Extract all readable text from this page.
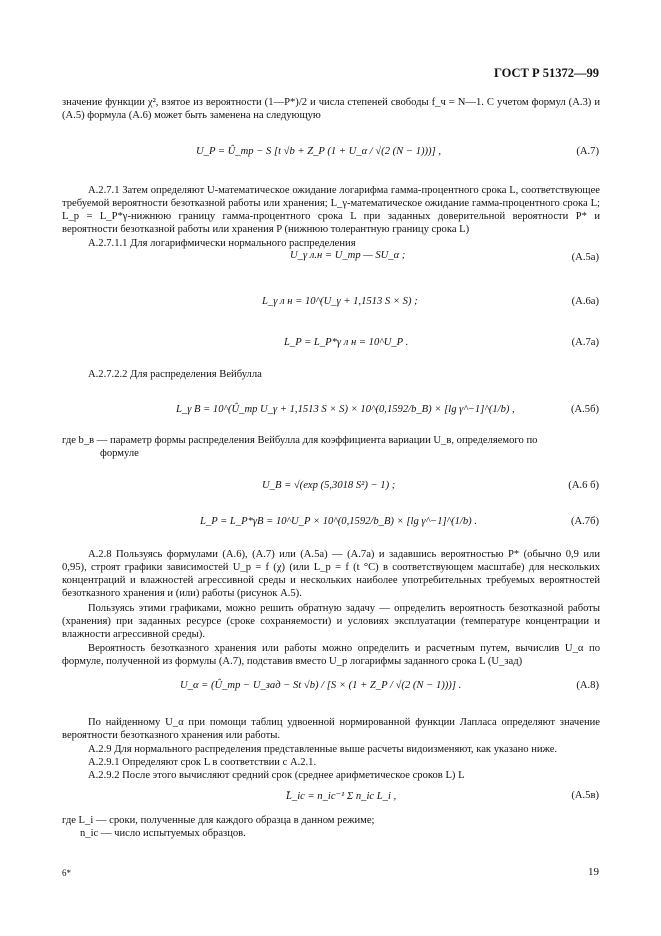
ГОСТ Р 51372—99
значение функции χ², взятое из вероятности (1—P*)/2 и числа степеней свободы f_ч = N—1. С учетом формул (А.3) и (А.5) формула (А.6) может быть заменена на следующую
U_P = Û_тр − S [t √b + Z_P (1 + U_α / √(2 (N − 1)))] ,	(А.7)
А.2.7.1 Затем определяют U-математическое ожидание логарифма гамма-процентного срока L, соответствующее требуемой вероятности безотказной работы или хранения; L_γ-математическое ожидание гамма-процентного срока L; L_p = L_P*γ-нижнюю границу гамма-процентного срока L при заданных доверительной вероятности P* и вероятности безотказной работы или хранения P (нижнюю толерантную границу срока L)
А.2.7.1.1 Для логарифмически нормального распределения
U_γ л.н = U_тр — SU_α ;	(А.5а)
L_γ л н = 10^(U_γ + 1,1513 S × S) ;	(А.6а)
L_P = L_P*γ л н = 10^U_P .	(А.7а)
А.2.7.2.2 Для распределения Вейбулла
L_γ B = 10^(Û_тр U_γ + 1,1513 S × S) × 10^(0,1592/b_B) × [lg γ^−1]^(1/b) ,	(А.5б)
где b_в — параметр формы распределения Вейбулла для коэффициента вариации U_в, определяемого по
формуле
U_B = √(exp (5,3018 S²) − 1) ;	(А.6 б)
L_P = L_P*γB = 10^U_P × 10^(0,1592/b_B) × [lg γ^−1]^(1/b) .	(А.7б)
А.2.8 Пользуясь формулами (А.6), (А.7) или (А.5а) — (А.7а) и задавшись вероятностью P* (обычно 0,9 или 0,95), строят графики зависимостей U_p = f (χ) (или L_p = f (t °C) в соответствующем масштабе) для нескольких концентраций и влажностей агрессивной среды и нескольких наиболее употребительных требуемых вероятностей безотказного хранения и (или) работы (рисунок А.5).
Пользуясь этими графиками, можно решить обратную задачу — определить вероятность безотказной работы (хранения) при заданных ресурсе (сроке сохраняемости) и условиях эксплуатации (температуре концентрации и влажности агрессивной среды).
Вероятность безотказного хранения или работы можно определить и расчетным путем, вычислив U_α по формуле, полученной из формулы (А.7), подставив вместо U_p логарифмы заданного срока L (U_зад)
U_α = (Û_тр − U_зад − St √b) / [S × (1 + Z_P / √(2 (N − 1)))] .	(А.8)
По найденному U_α при помощи таблиц удвоенной нормированной функции Лапласа определяют значение вероятности безотказного хранения или работы.
А.2.9 Для нормального распределения представленные выше расчеты видоизменяют, как указано ниже.
А.2.9.1 Определяют срок L в соответствии с А.2.1.
А.2.9.2 После этого вычисляют средний срок (среднее арифметическое сроков L) L
L̄_ic = n_ic⁻¹ Σ n_ic L_i ,	(А.5в)
где L_i — сроки, полученные для каждого образца в данном режиме;
n_ic — число испытуемых образцов.
6*	19
